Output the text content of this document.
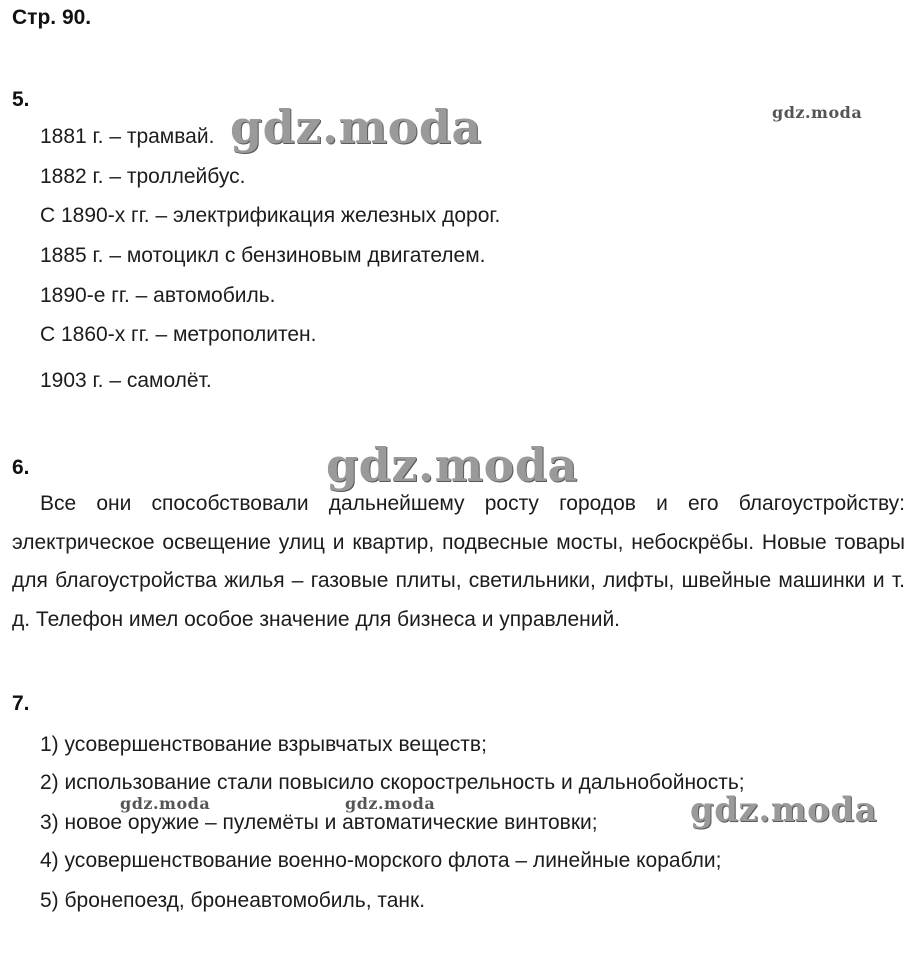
Стр. 90.
5.
1881 г. – трамвай.
1882 г. – троллейбус.
С 1890-х гг. – электрификация железных дорог.
1885 г. – мотоцикл с бензиновым двигателем.
1890-е гг. – автомобиль.
С 1860-х гг. – метрополитен.
1903 г. – самолёт.
6.
Все они способствовали дальнейшему росту городов и его благоустройству: электрическое освещение улиц и квартир, подвесные мосты, небоскрёбы. Новые товары для благоустройства жилья – газовые плиты, светильники, лифты, швейные машинки и т. д. Телефон имел особое значение для бизнеса и управлений.
7.
1) усовершенствование взрывчатых веществ;
2) использование стали повысило скорострельность и дальнобойность;
3) новое оружие – пулемёты и автоматические винтовки;
4) усовершенствование военно-морского флота – линейные корабли;
5) бронепоезд, бронеавтомобиль, танк.
gdz.moda	gdz.moda
gdz.moda
gdz.moda	gdz.moda	gdz.moda
